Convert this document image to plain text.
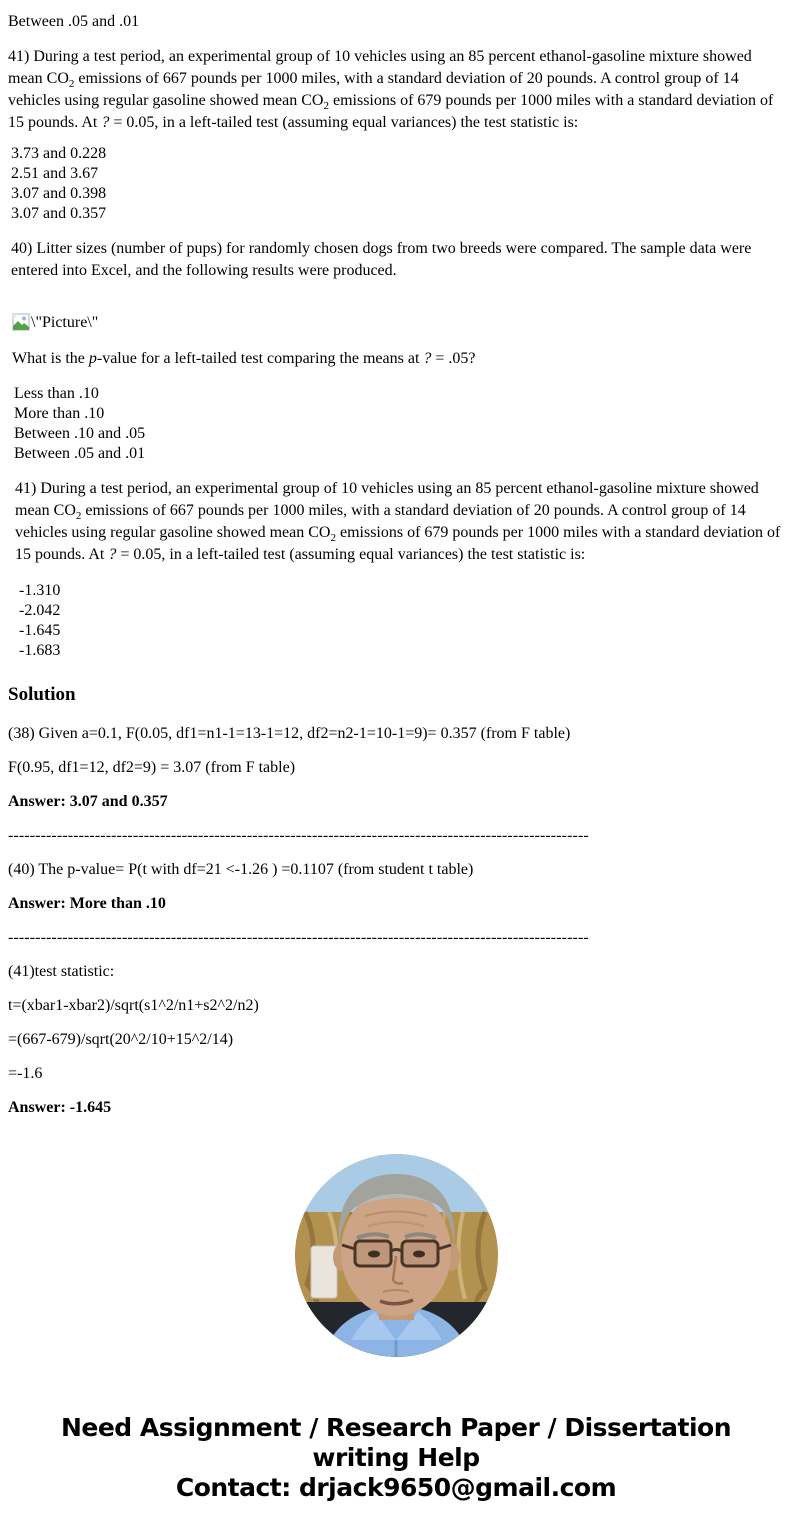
Between .05 and .01

41) During a test period, an experimental group of 10 vehicles using an 85 percent ethanol-gasoline mixture showed mean $CO_2$ emissions of 667 pounds per 1000 miles, with a standard deviation of 20 pounds. A control group of 14 vehicles using regular gasoline showed mean $CO_2$ emissions of 679 pounds per 1000 miles with a standard deviation of 15 pounds. At ? = 0.05, in a left-tailed test (assuming equal variances) the test statistic is:

3.73 and 0.228
2.51 and 3.67
3.07 and 0.398
3.07 and 0.357

40) Litter sizes (number of pups) for randomly chosen dogs from two breeds were compared. The sample data were entered into Excel, and the following results were produced.

\"Picture\"

What is the p-value for a left-tailed test comparing the means at ? = .05?

Less than .10
More than .10
Between .10 and .05
Between .05 and .01

41) During a test period, an experimental group of 10 vehicles using an 85 percent ethanol-gasoline mixture showed mean $CO_2$ emissions of 667 pounds per 1000 miles, with a standard deviation of 20 pounds. A control group of 14 vehicles using regular gasoline showed mean $CO_2$ emissions of 679 pounds per 1000 miles with a standard deviation of 15 pounds. At ? = 0.05, in a left-tailed test (assuming equal variances) the test statistic is:

-1.310
-2.042
-1.645
-1.683
Solution

(38) Given a=0.1, F(0.05, df1=n1-1=13-1=12, df2=n2-1=10-1=9)= 0.357 (from F table)

F(0.95, df1=12, df2=9) = 3.07 (from F table)

Answer: 3.07 and 0.357

-----------------------------------------------------------------------------------------------------------

(40) The p-value= P(t with df=21 <-1.26 ) =0.1107 (from student t table)

Answer: More than .10

-----------------------------------------------------------------------------------------------------------

(41)test statistic:

t=(xbar1-xbar2)/sqrt(s1^2/n1+s2^2/n2)

=(667-679)/sqrt(20^2/10+15^2/14)

=-1.6

Answer: -1.645

Need Assignment / Research Paper / Dissertation
writing Help
Contact: drjack9650@gmail.com
